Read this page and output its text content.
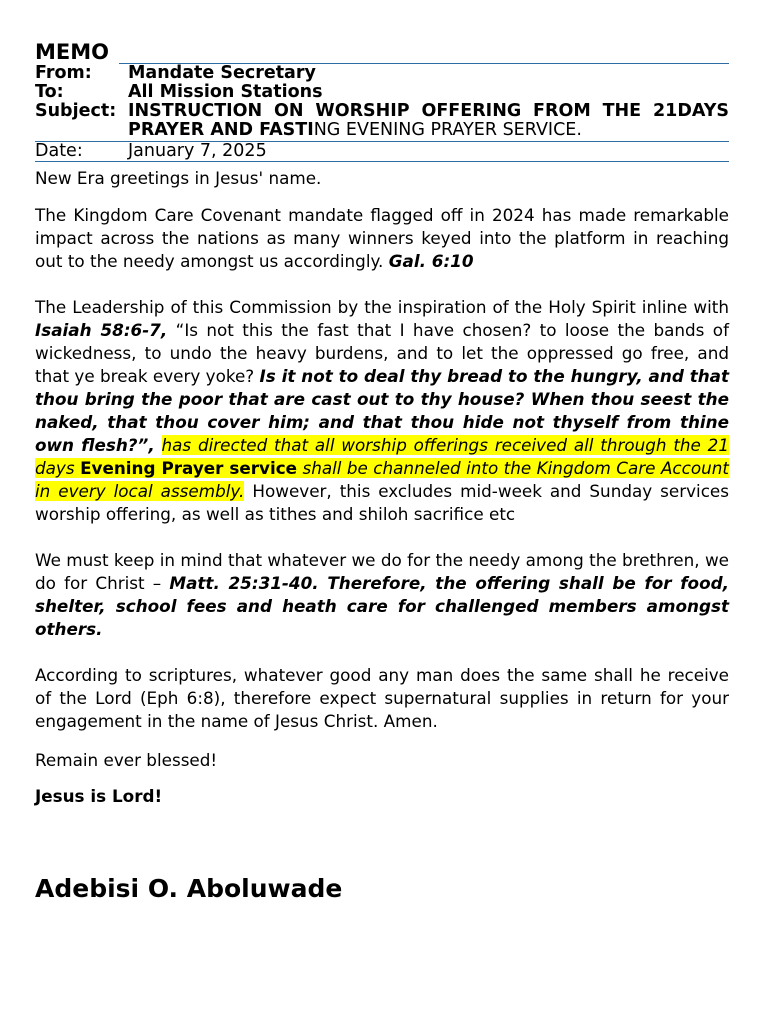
MEMO
From:	Mandate Secretary
To:	All Mission Stations
Subject: INSTRUCTION ON WORSHIP OFFERING FROM THE 21DAYS PRAYER AND FASTING EVENING PRAYER SERVICE.
Date:	January 7, 2025

New Era greetings in Jesus' name.

The Kingdom Care Covenant mandate flagged off in 2024 has made remarkable impact across the nations as many winners keyed into the platform in reaching out to the needy amongst us accordingly. Gal. 6:10

The Leadership of this Commission by the inspiration of the Holy Spirit inline with Isaiah 58:6-7, “Is not this the fast that I have chosen? to loose the bands of wickedness, to undo the heavy burdens, and to let the oppressed go free, and that ye break every yoke? Is it not to deal thy bread to the hungry, and that thou bring the poor that are cast out to thy house? When thou seest the naked, that thou cover him; and that thou hide not thyself from thine own flesh?”, has directed that all worship offerings received all through the 21 days Evening Prayer service shall be channeled into the Kingdom Care Account in every local assembly. However, this excludes mid-week and Sunday services worship offering, as well as tithes and shiloh sacrifice etc

We must keep in mind that whatever we do for the needy among the brethren, we do for Christ – Matt. 25:31-40. Therefore, the offering shall be for food, shelter, school fees and heath care for challenged members amongst others.

According to scriptures, whatever good any man does the same shall he receive of the Lord (Eph 6:8), therefore expect supernatural supplies in return for your engagement in the name of Jesus Christ. Amen.

Remain ever blessed!

Jesus is Lord!

Adebisi O. Aboluwade
